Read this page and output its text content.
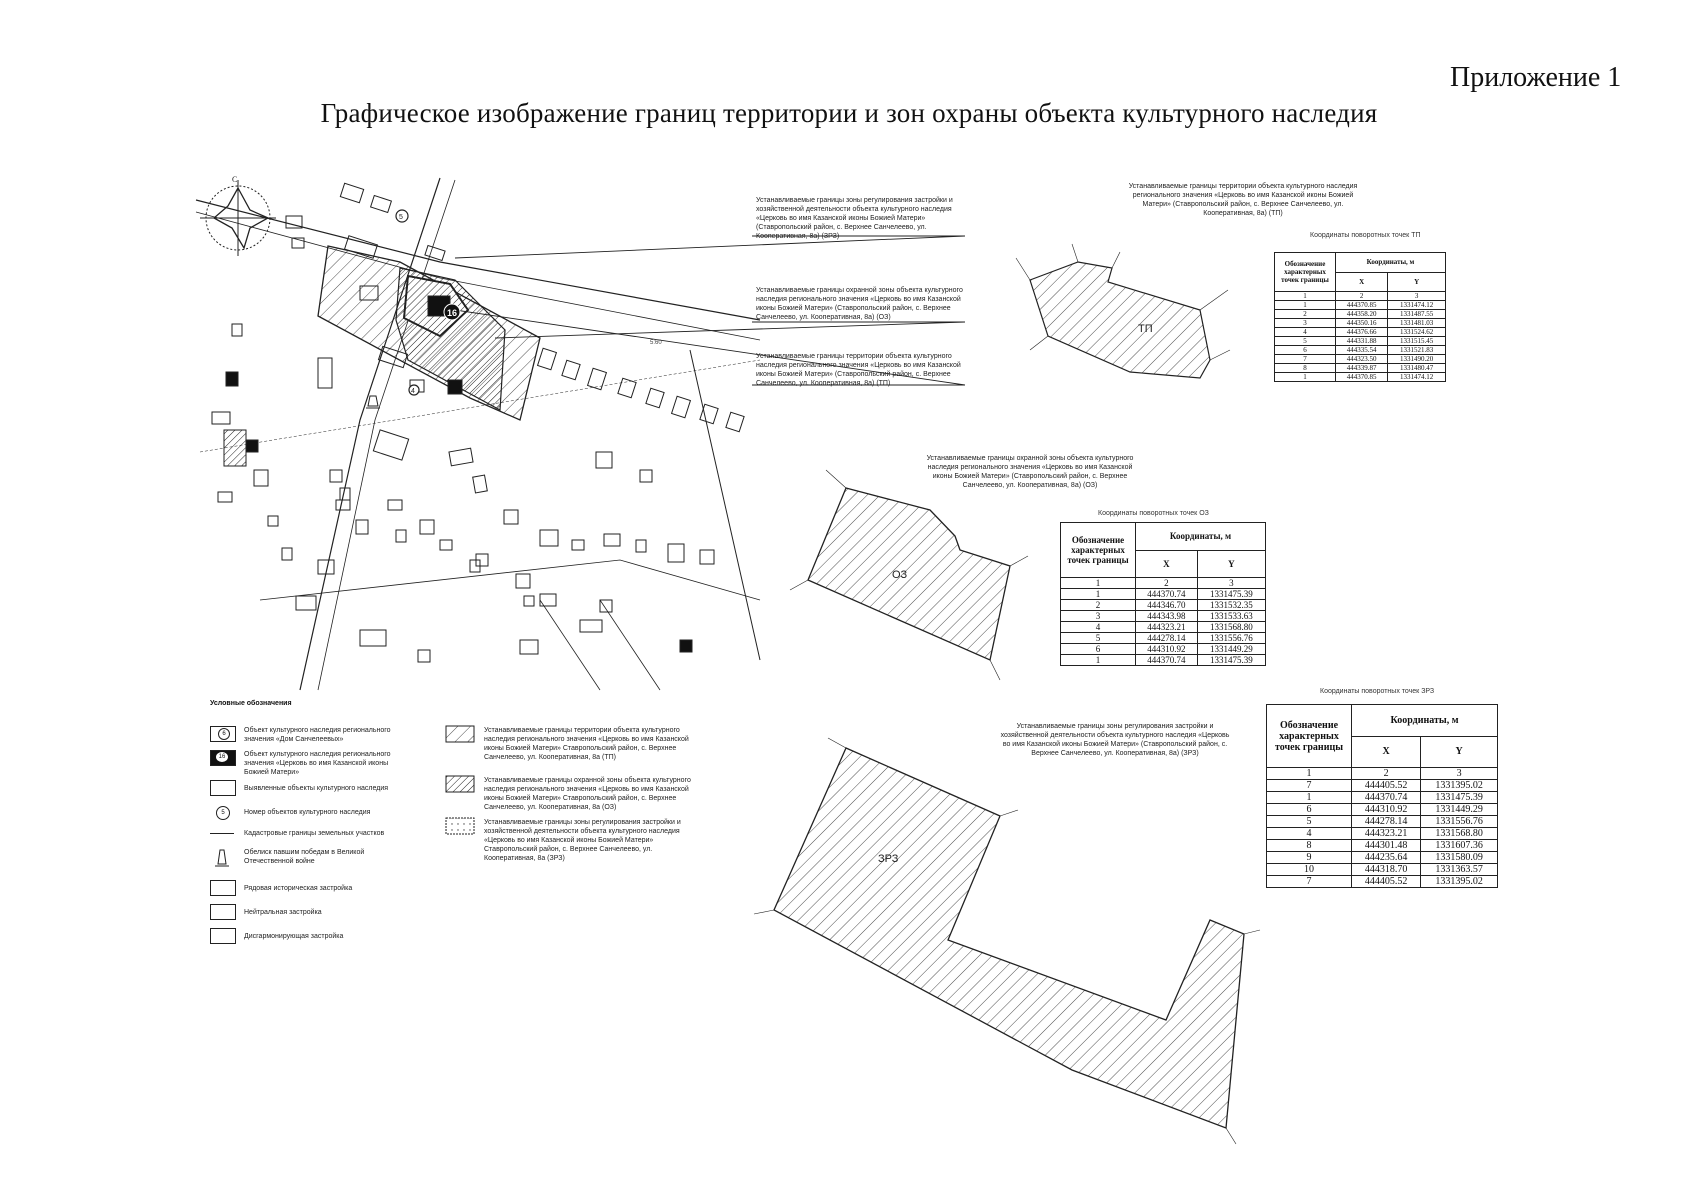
Приложение 1
Графическое изображение границ территории и зон охраны объекта культурного наследия
С
16
5
4
5:60
ТП
ОЗ
ЗРЗ
Устанавливаемые границы зоны регулирования застройки и хозяйственной деятельности объекта культурного наследия «Церковь во имя Казанской иконы Божией Матери» (Ставропольский район, с. Верхнее Санчелеево, ул. Кооперативная, 8а) (ЗРЗ)
Устанавливаемые границы охранной зоны объекта культурного наследия регионального значения «Церковь во имя Казанской иконы Божией Матери» (Ставропольский район, с. Верхнее Санчелеево, ул. Кооперативная, 8а) (ОЗ)
Устанавливаемые границы территории объекта культурного наследия регионального значения «Церковь во имя Казанской иконы Божией Матери» (Ставропольский район, с. Верхнее Санчелеево, ул. Кооперативная, 8а) (ТП)
Устанавливаемые границы территории объекта культурного наследия регионального значения «Церковь во имя Казанской иконы Божией Матери» (Ставропольский район, с. Верхнее Санчелеево, ул. Кооперативная, 8а) (ТП)
Координаты поворотных точек ТП
Обозначение характерных точек границы	Координаты, м	
	X	Y
1	2	3
1	444370.85	1331474.12
2	444358.20	1331487.55
3	444350.16	1331481.03
4	444376.66	1331524.62
5	444331.88	1331515.45
6	444335.54	1331521.83
7	444323.50	1331490.20
8	444339.87	1331480.47
1	444370.85	1331474.12
Устанавливаемые границы охранной зоны объекта культурного наследия регионального значения «Церковь во имя Казанской иконы Божией Матери» (Ставропольский район, с. Верхнее Санчелеево, ул. Кооперативная, 8а) (ОЗ)
Координаты поворотных точек ОЗ
Обозначение характерных точек границы	Координаты, м	
	X	Y
1	2	3
1	444370.74	1331475.39
2	444346.70	1331532.35
3	444343.98	1331533.63
4	444323.21	1331568.80
5	444278.14	1331556.76
6	444310.92	1331449.29
1	444370.74	1331475.39
Устанавливаемые границы зоны регулирования застройки и хозяйственной деятельности объекта культурного наследия «Церковь во имя Казанской иконы Божией Матери» (Ставропольский район, с. Верхнее Санчелеево, ул. Кооперативная, 8а) (ЗРЗ)
Координаты поворотных точек ЗРЗ
Обозначение характерных точек границы	Координаты, м	
	X	Y
1	2	3
7	444405.52	1331395.02
1	444370.74	1331475.39
6	444310.92	1331449.29
5	444278.14	1331556.76
4	444323.21	1331568.80
8	444301.48	1331607.36
9	444235.64	1331580.09
10	444318.70	1331363.57
7	444405.52	1331395.02
Условные обозначения
6
16
5
Объект культурного наследия регионального значения «Дом Санчелеевых»
Объект культурного наследия регионального значения «Церковь во имя Казанской иконы Божией Матери»
Выявленные объекты культурного наследия
Номер объектов культурного наследия
Кадастровые границы земельных участков
Обелиск павшим победам в Великой Отечественной войне
Рядовая историческая застройка
Нейтральная застройка
Дисгармонирующая застройка
Устанавливаемые границы территории объекта культурного наследия регионального значения «Церковь во имя Казанской иконы Божией Матери» Ставропольский район, с. Верхнее Санчелеево, ул. Кооперативная, 8а (ТП)
Устанавливаемые границы охранной зоны объекта культурного наследия регионального значения «Церковь во имя Казанской иконы Божией Матери» Ставропольский район, с. Верхнее Санчелеево, ул. Кооперативная, 8а (ОЗ)
Устанавливаемые границы зоны регулирования застройки и хозяйственной деятельности объекта культурного наследия «Церковь во имя Казанской иконы Божией Матери» Ставропольский район, с. Верхнее Санчелеево, ул. Кооперативная, 8а (ЗРЗ)
